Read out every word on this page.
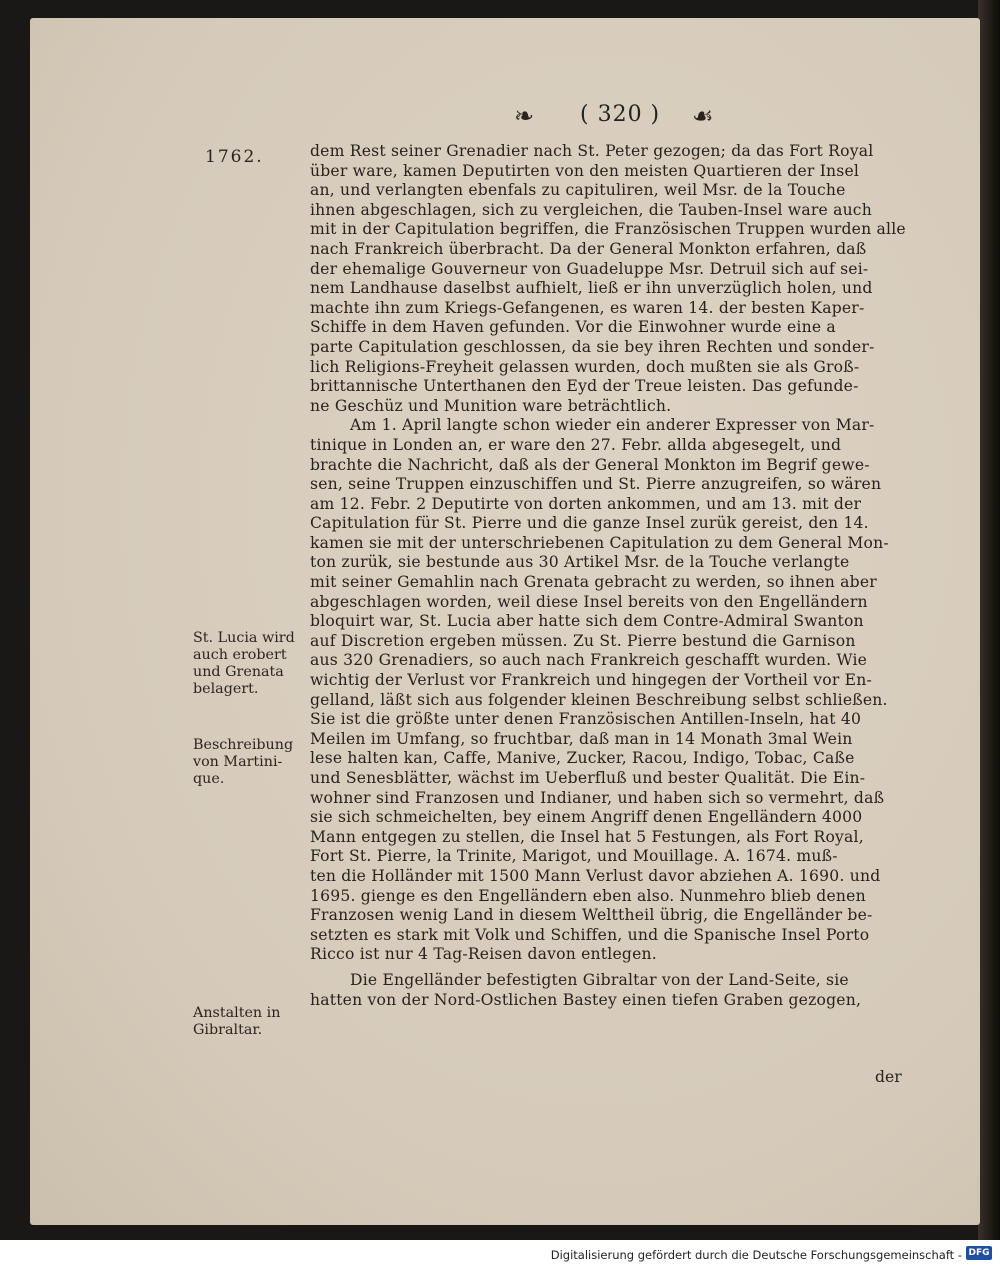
❧ ( 320 ) ☙
1762.	dem Rest seiner Grenadier nach St. Peter gezogen; da das Fort Royal

über ware, kamen Deputirten von den meisten Quartieren der Insel

an, und verlangten ebenfals zu capituliren, weil Msr. de la Touche

ihnen abgeschlagen, sich zu vergleichen, die Tauben-Insel ware auch

mit in der Capitulation begriffen, die Französischen Truppen wurden alle

nach Frankreich überbracht. Da der General Monkton erfahren, daß

der ehemalige Gouverneur von Guadeluppe Msr. Detruil sich auf sei-

nem Landhause daselbst aufhielt, ließ er ihn unverzüglich holen, und

machte ihn zum Kriegs-Gefangenen, es waren 14. der besten Kaper-

Schiffe in dem Haven gefunden. Vor die Einwohner wurde eine a

parte Capitulation geschlossen, da sie bey ihren Rechten und sonder-

lich Religions-Freyheit gelassen wurden, doch mußten sie als Groß-

brittannische Unterthanen den Eyd der Treue leisten. Das gefunde-

ne Geschüz und Munition ware beträchtlich.

Am 1. April langte schon wieder ein anderer Expresser von Mar-

tinique in Londen an, er ware den 27. Febr. allda abgesegelt, und

brachte die Nachricht, daß als der General Monkton im Begrif gewe-

sen, seine Truppen einzuschiffen und St. Pierre anzugreifen, so wären

am 12. Febr. 2 Deputirte von dorten ankommen, und am 13. mit der

Capitulation für St. Pierre und die ganze Insel zurük gereist, den 14.

kamen sie mit der unterschriebenen Capitulation zu dem General Mon-

ton zurük, sie bestunde aus 30 Artikel Msr. de la Touche verlangte

mit seiner Gemahlin nach Grenata gebracht zu werden, so ihnen aber

abgeschlagen worden, weil diese Insel bereits von den Engelländern

bloquirt war, St. Lucia aber hatte sich dem Contre-Admiral Swanton

auf Discretion ergeben müssen. Zu St. Pierre bestund die Garnison

aus 320 Grenadiers, so auch nach Frankreich geschafft wurden. Wie

wichtig der Verlust vor Frankreich und hingegen der Vortheil vor En-

gelland, läßt sich aus folgender kleinen Beschreibung selbst schließen.

Sie ist die größte unter denen Französischen Antillen-Inseln, hat 40

Meilen im Umfang, so fruchtbar, daß man in 14 Monath 3mal Wein

lese halten kan, Caffe, Manive, Zucker, Racou, Indigo, Tobac, Caße

und Senesblätter, wächst im Ueberfluß und bester Qualität. Die Ein-

wohner sind Franzosen und Indianer, und haben sich so vermehrt, daß

sie sich schmeichelten, bey einem Angriff denen Engelländern 4000

Mann entgegen zu stellen, die Insel hat 5 Festungen, als Fort Royal,

Fort St. Pierre, la Trinite, Marigot, und Mouillage. A. 1674. muß-

ten die Holländer mit 1500 Mann Verlust davor abziehen A. 1690. und

1695. gienge es den Engelländern eben also. Nunmehro blieb denen

Franzosen wenig Land in diesem Welttheil übrig, die Engelländer be-

setzten es stark mit Volk und Schiffen, und die Spanische Insel Porto

Ricco ist nur 4 Tag-Reisen davon entlegen.

Die Engelländer befestigten Gibraltar von der Land-Seite, sie

hatten von der Nord-Ostlichen Bastey einen tiefen Graben gezogen,

St. Lucia wird
auch erobert
und Grenata
belagert.
Beschreibung
von Martini-
que.
Anstalten in
Gibraltar.
der
Digitalisierung gefördert durch die Deutsche Forschungsgemeinschaft - DFG
